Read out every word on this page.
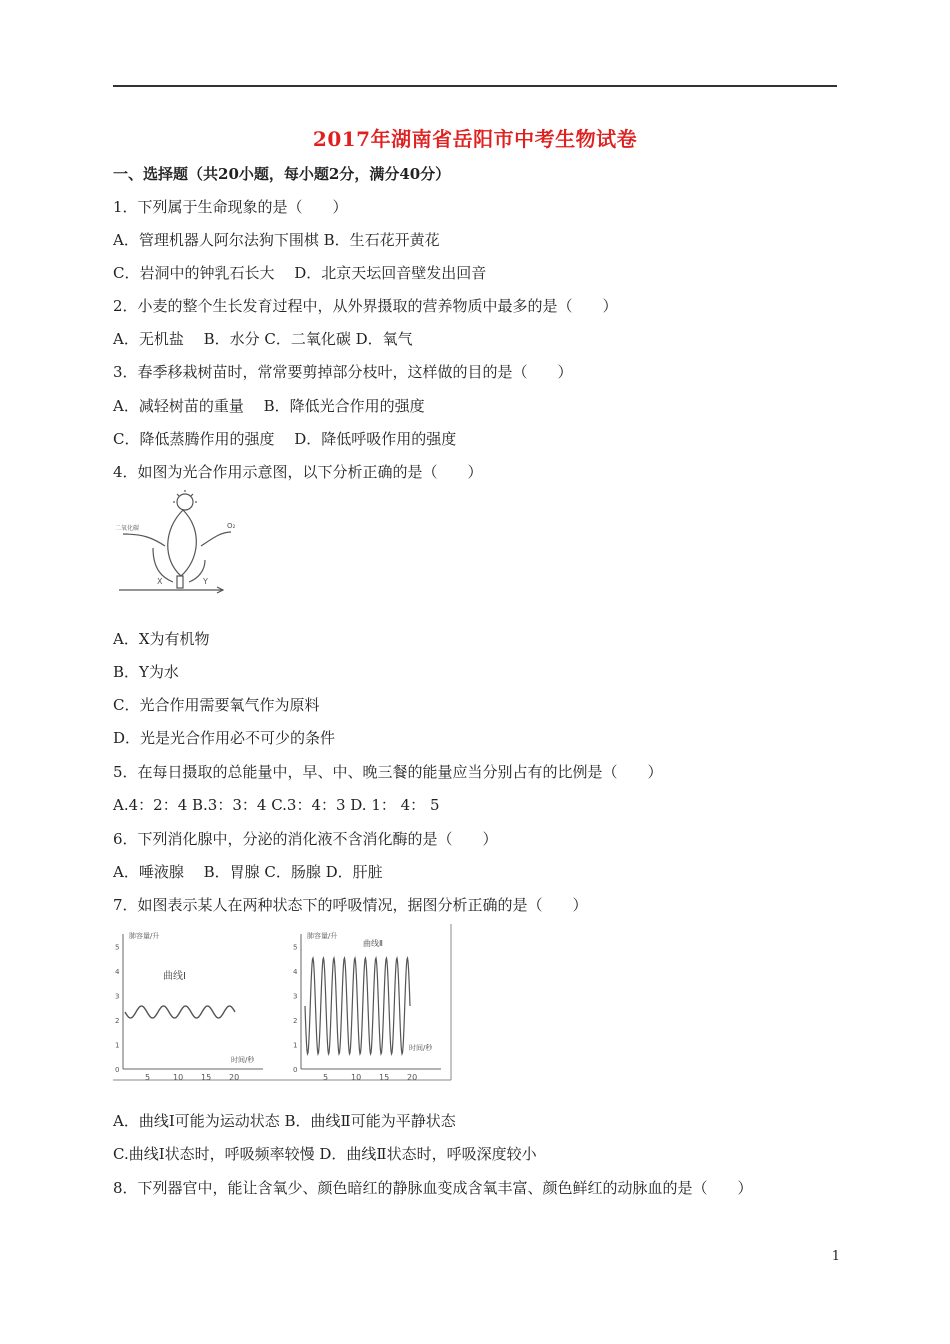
2017年湖南省岳阳市中考生物试卷
一、选择题（共20小题，每小题2分，满分40分）
1．下列属于生命现象的是（　　）
A．管理机器人阿尔法狗下围棋 B．生石花开黄花
C．岩洞中的钟乳石长大　 D．北京天坛回音壁发出回音
2．小麦的整个生长发育过程中，从外界摄取的营养物质中最多的是（　　）
A．无机盐　 B．水分 C．二氧化碳 D．氧气
3．春季移栽树苗时，常常要剪掉部分枝叶，这样做的目的是（　　）
A．减轻树苗的重量　 B．降低光合作用的强度
C．降低蒸腾作用的强度　 D．降低呼吸作用的强度
4．如图为光合作用示意图，以下分析正确的是（　　）
二氧化碳	O₂
X	Y
A．X为有机物
B．Y为水
C．光合作用需要氧气作为原料
D．光是光合作用必不可少的条件
5．在每日摄取的总能量中，早、中、晚三餐的能量应当分别占有的比例是（　　）
A.4：2：4 B.3：3：4 C.3：4：3 D. 1： 4： 5
6．下列消化腺中，分泌的消化液不含消化酶的是（　　）
A．唾液腺　 B．胃腺 C．肠腺 D．肝脏
7．如图表示某人在两种状态下的呼吸情况，据图分析正确的是（　　）
肺容量/升
曲线Ⅰ
时间/秒
0
1
2
3
4
5
5	10 15 20
肺容量/升
曲线Ⅱ
时间/秒
0
1
2
3
4
5
5	10 15 20
A．曲线Ⅰ可能为运动状态 B．曲线Ⅱ可能为平静状态
C.曲线Ⅰ状态时，呼吸频率较慢 D．曲线Ⅱ状态时，呼吸深度较小
8．下列器官中，能让含氧少、颜色暗红的静脉血变成含氧丰富、颜色鲜红的动脉血的是（　　）
1
